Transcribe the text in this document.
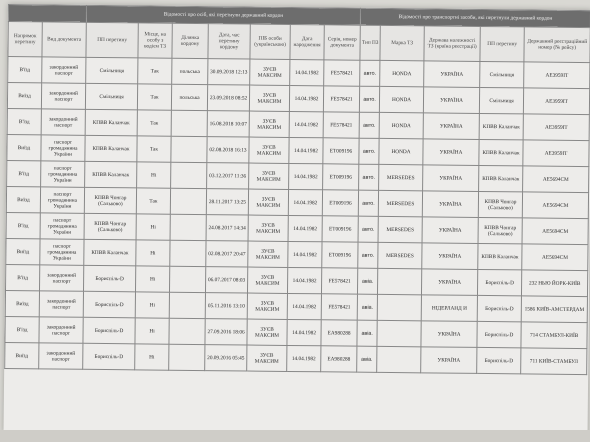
		Відомості про осіб, які перетнули державний кордон							Відомості про транспортні засоби, які перетнули державний кордон				
Напрямок перетину	Вид документа	ПП перетину	Місце, на особу з водієм ТЗ	Ділянка кордону	Дата, час перетину кордону	ПІБ особи (українською)	Дата народження	Серія, номер документа	Тип ПЗ	Марка ТЗ	Держава належності ТЗ (країна реєстрації)	ПП перетину	Державний реєстраційний номер (№ рейсу)
В'їзд	закордонний паспорт	Смільниця	Так	польська	30.09.2018 12:13	ЗУЄВ МАКСИМ	14.04.1982	FE578421	авто.	HONDA	УКРАЇНА	Смільниця	AE3959IT
Виїзд	закордонний паспорт	Смільниця	Так	польська	23.09.2018 08:52	ЗУЄВ МАКСИМ	14.04.1982	FE578421	авто.	HONDA	УКРАЇНА	Смільниця	AE3959IT
В'їзд	закордонний паспорт	КПВВ Каланчак	Так		16.08.2018 10:07	ЗУЄВ МАКСИМ	14.04.1982	FE578421	авто.	HONDA	УКРАЇНА	КПВВ Каланчак	AE3959IT
Виїзд	паспорт громадянина України	КПВВ Каланчак	Так		02.08.2018 16:13	ЗУЄВ МАКСИМ	14.04.1982	ET009196	авто.	HONDA	УКРАЇНА	КПВВ Каланчак	AE3959IT
В'їзд	паспорт громадянина України	КПВВ Каланчак	Ні		03.12.2017 11:36	ЗУЄВ МАКСИМ	14.04.1982	ET009196	авто.	MERSEDES	УКРАЇНА	КПВВ Каланчак	AE5694CM
Виїзд	паспорт громадянина України	КПВВ Чонгар (Сальково)	Так		28.11.2017 13:25	ЗУЄВ МАКСИМ	14.04.1982	ET009196	авто.	MERSEDES	УКРАЇНА	КПВВ Чонгар (Сальково)	AE5694CM
В'їзд	паспорт громадянина України	КПВВ Чонгар (Сальково)	Ні		24.08.2017 14:34	ЗУЄВ МАКСИМ	14.04.1982	ET009196	авто.	MERSEDES	УКРАЇНА	КПВВ Чонгар (Сальково)	AE5694CM
Виїзд	паспорт громадянина України	КПВВ Каланчак	Ні		02.08.2017 20:47	ЗУЄВ МАКСИМ	14.04.1982	ET009196	авто.	MERSEDES	УКРАЇНА	КПВВ Каланчак	AE5694CM
В'їзд	закордонний паспорт	Бориспіль-D	Ні		06.07.2017 08:03	ЗУЄВ МАКСИМ	14.04.1982	FE578421	авіа.		УКРАЇНА	Бориспіль-D	232 НЬЮ ЙОРК-КИЇВ
Виїзд	закордонний паспорт	Бориспіль-D	Ні		05.11.2016 13:10	ЗУЄВ МАКСИМ	14.04.1982	FE578421	авіа.		НІДЕРЛАНД И	Бориспіль-D	1586 КИЇВ-АМСТЕРДАМ
В'їзд	закордонний паспорт	Бориспіль-D	Ні		27.09.2016 18:06	ЗУЄВ МАКСИМ	14.04.1982	EA980288	авіа.		УКРАЇНА	Бориспіль-D	714 СТАМБУЛ-КИЇВ
Виїзд	закордонний паспорт	Бориспіль-D	Ні		20.09.2016 05:45	ЗУЄВ МАКСИМ	14.04.1982	EA980288	авіа.		УКРАЇНА	Бориспіль-D	711 КИЇВ-СТАМБУЛ
